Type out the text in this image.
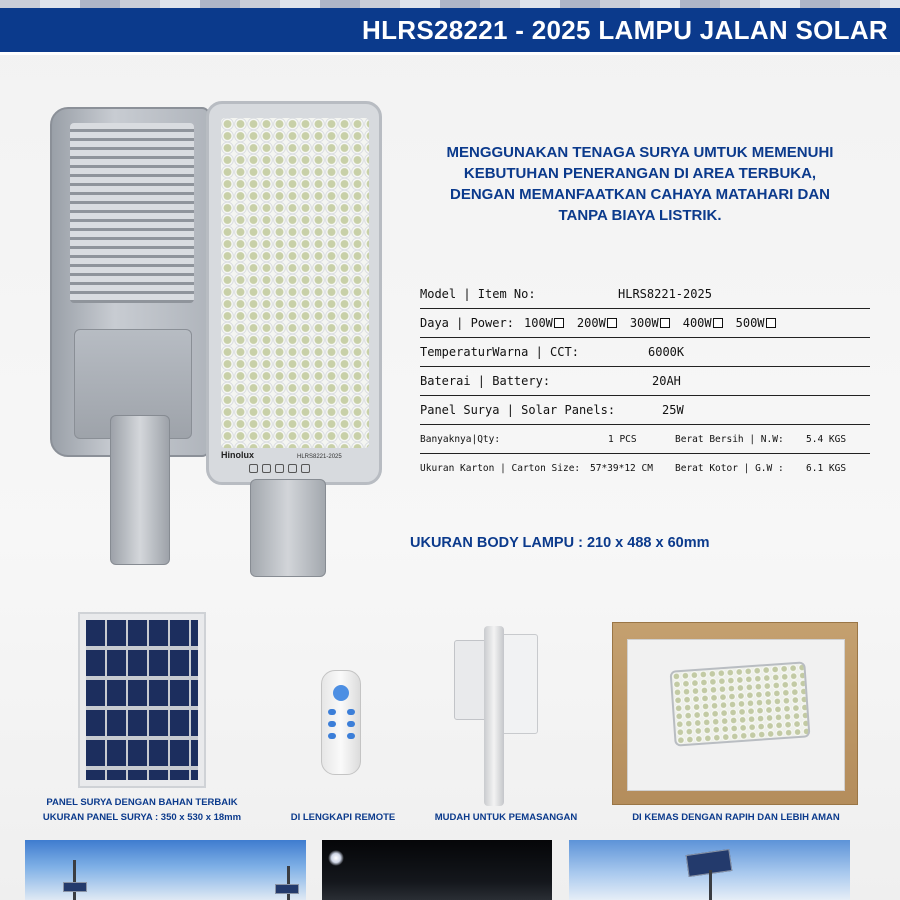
HLRS28221 - 2025 LAMPU JALAN SOLAR
Hinolux	HLRS8221-2025
MENGGUNAKAN TENAGA SURYA UMTUK MEMENUHI
KEBUTUHAN PENERANGAN DI AREA TERBUKA,
DENGAN MEMANFAATKAN CAHAYA MATAHARI DAN
TANPA BIAYA LISTRIK.
Model | Item No:	HLRS8221-2025
Daya | Power: 100W 200W 300W 400W 500W
TemperaturWarna | CCT:	6000K
Baterai | Battery:	20AH
Panel Surya | Solar Panels:	25W
Banyaknya|Qty:	1 PCS	Berat Bersih | N.W: 5.4 KGS
Ukuran Karton | Carton Size: 57*39*12 CM Berat Kotor | G.W : 6.1 KGS
UKURAN BODY LAMPU : 210 x 488 x 60mm
PANEL SURYA DENGAN BAHAN TERBAIK
UKURAN PANEL SURYA : 350 x 530 x 18mm	DI LENGKAPI REMOTE	MUDAH UNTUK PEMASANGAN	DI KEMAS DENGAN RAPIH DAN LEBIH AMAN
